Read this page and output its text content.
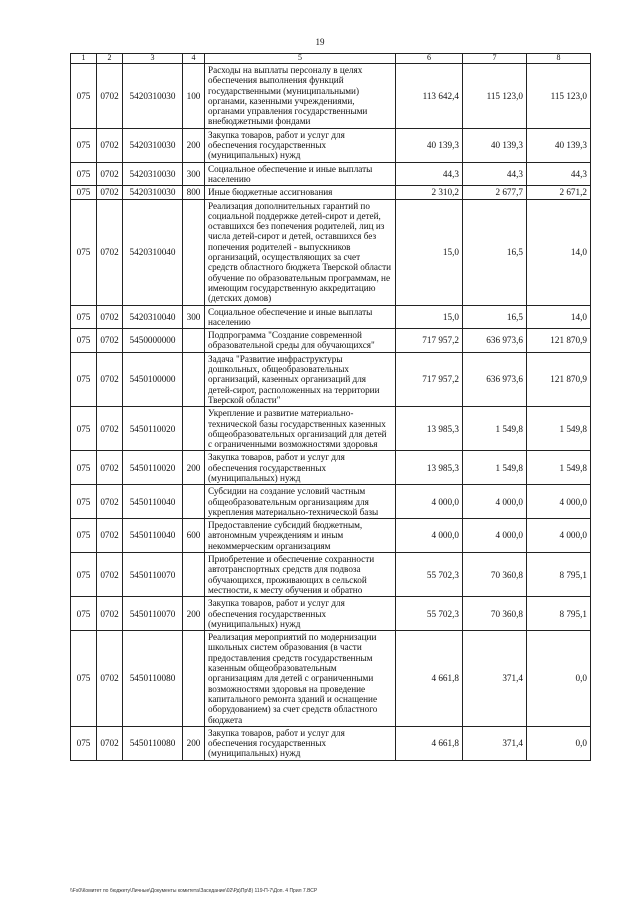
19
1	2	3	4	5	6	7	8
075	0702	5420310030	100	Расходы на выплаты персоналу в целях обеспечения выполнения функций государственными (муниципальными) органами, казенными учреждениями, органами управления государственными внебюджетными фондами	113 642,4	115 123,0	115 123,0
075	0702	5420310030	200	Закупка товаров, работ и услуг для обеспечения государственных (муниципальных) нужд	40 139,3	40 139,3	40 139,3
075	0702	5420310030	300	Социальное обеспечение и иные выплаты населению	44,3	44,3	44,3
075	0702	5420310030	800	Иные бюджетные ассигнования	2 310,2	2 677,7	2 671,2
075	0702	5420310040		Реализация дополнительных гарантий по социальной поддержке детей-сирот и детей, оставшихся без попечения родителей, лиц из числа детей-сирот и детей, оставшихся без попечения родителей - выпускников организаций, осуществляющих за счет средств областного бюджета Тверской области обучение по образовательным программам, не имеющим государственную аккредитацию (детских домов)	15,0	16,5	14,0
075	0702	5420310040	300	Социальное обеспечение и иные выплаты населению	15,0	16,5	14,0
075	0702	5450000000		Подпрограмма "Создание современной образовательной среды для обучающихся"	717 957,2	636 973,6	121 870,9
075	0702	5450100000		Задача "Развитие инфраструктуры дошкольных, общеобразовательных организаций, казенных организаций для детей-сирот, расположенных на территории Тверской области"	717 957,2	636 973,6	121 870,9
075	0702	5450110020		Укрепление и развитие материально-технической базы государственных казенных общеобразовательных организаций для детей с ограниченными возможностями здоровья	13 985,3	1 549,8	1 549,8
075	0702	5450110020	200	Закупка товаров, работ и услуг для обеспечения государственных (муниципальных) нужд	13 985,3	1 549,8	1 549,8
075	0702	5450110040		Субсидии на создание условий частным общеобразовательным организациям для укрепления материально-технической базы	4 000,0	4 000,0	4 000,0
075	0702	5450110040	600	Предоставление субсидий бюджетным, автономным учреждениям и иным некоммерческим организациям	4 000,0	4 000,0	4 000,0
075	0702	5450110070		Приобретение и обеспечение сохранности автотранспортных средств для подвоза обучающихся, проживающих в сельской местности, к месту обучения и обратно	55 702,3	70 360,8	8 795,1
075	0702	5450110070	200	Закупка товаров, работ и услуг для обеспечения государственных (муниципальных) нужд	55 702,3	70 360,8	8 795,1
075	0702	5450110080		Реализация мероприятий по модернизации школьных систем образования (в части предоставления средств государственным казенным общеобразовательным организациям для детей с ограниченными возможностями здоровья на проведение капитального ремонта зданий и оснащение оборудованием) за счет средств областного бюджета	4 661,8	371,4	0,0
075	0702	5450110080	200	Закупка товаров, работ и услуг для обеспечения государственных (муниципальных) нужд	4 661,8	371,4	0,0
\\Fs0\Комитет по бюджету\Личные\Документы комитета\Заседание\02\Рд\Пр\8) 119-П-7\Доп. 4 Прил 7.ВСР
